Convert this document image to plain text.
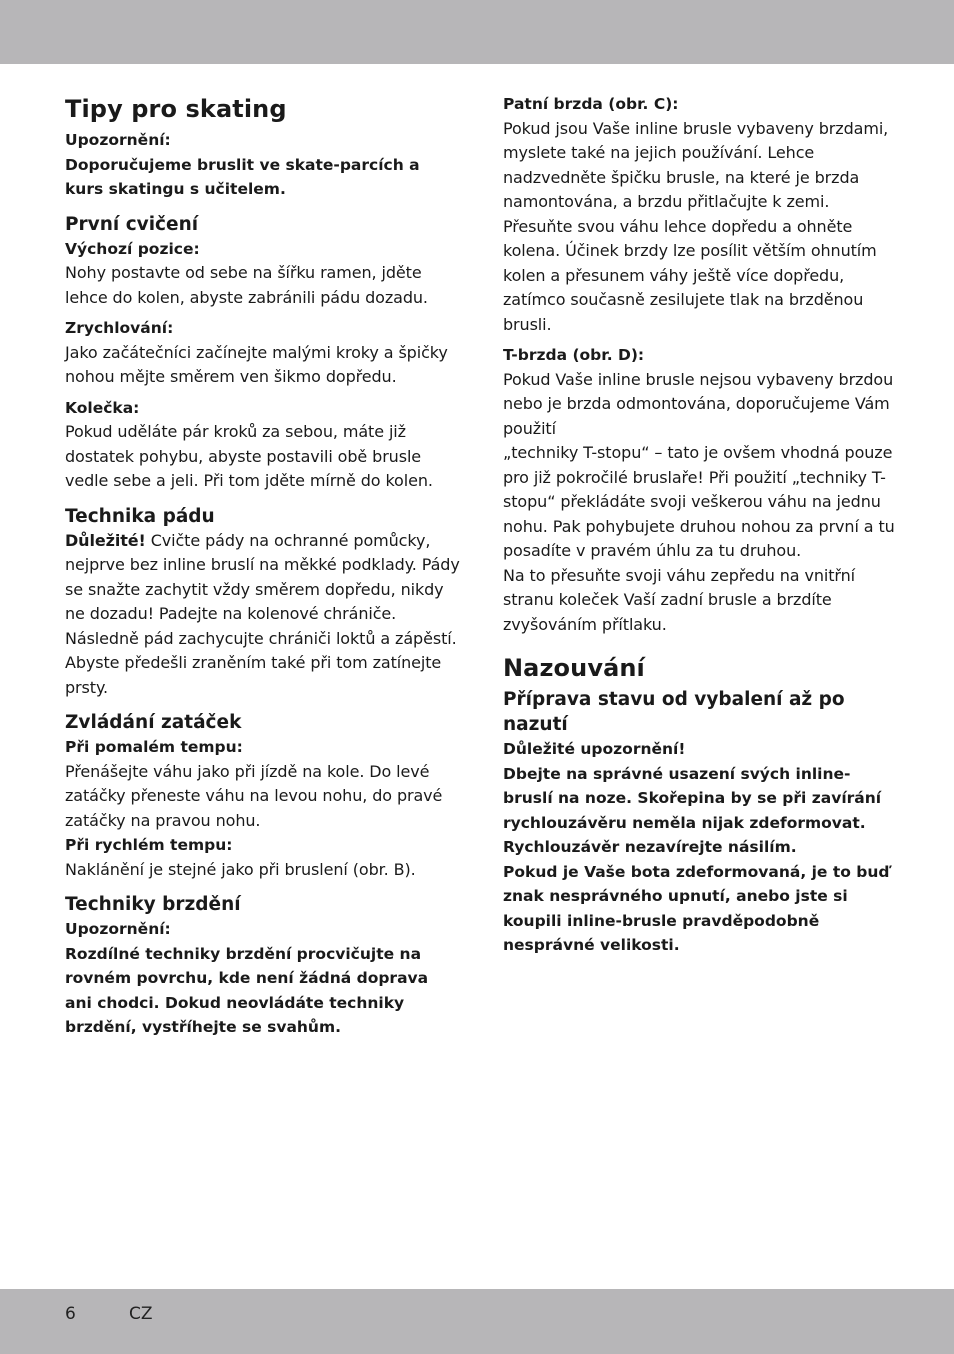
Tipy pro skating

Upozornění:

Doporučujeme bruslit ve skate-parcích a kurs skatingu s učitelem.

První cvičení

Výchozí pozice:

Nohy postavte od sebe na šířku ramen, jděte lehce do kolen, abyste zabránili pádu dozadu.

Zrychlování:

Jako začátečníci začínejte malými kroky a špičky nohou mějte směrem ven šikmo dopředu.

Kolečka:

Pokud uděláte pár kroků za sebou, máte již dostatek pohybu, abyste postavili obě brusle vedle sebe a jeli. Při tom jděte mírně do kolen.

Technika pádu

Důležité! Cvičte pády na ochranné pomůcky, nejprve bez inline bruslí na měkké podklady. Pády se snažte zachytit vždy směrem dopředu, nikdy ne dozadu! Padejte na kolenové chrániče. Následně pád zachycujte chrániči loktů a zápěstí. Abyste předešli zraněním také při tom zatínejte prsty.

Zvládání zatáček

Při pomalém tempu:

Přenášejte váhu jako při jízdě na kole. Do levé zatáčky přeneste váhu na levou nohu, do pravé zatáčky na pravou nohu.

Při rychlém tempu:

Naklánění je stejné jako při bruslení (obr. B).

Techniky brzdění

Upozornění:

Rozdílné techniky brzdění procvičujte na rovném povrchu, kde není žádná doprava ani chodci. Dokud neovládáte techniky brzdění, vystříhejte se svahům.

Patní brzda (obr. C):

Pokud jsou Vaše inline brusle vybaveny brzdami, myslete také na jejich používání. Lehce nadzvedněte špičku brusle, na které je brzda namontována, a brzdu přitlačujte k zemi. Přesuňte svou váhu lehce dopředu a ohněte kolena. Účinek brzdy lze posílit větším ohnutím kolen a přesunem váhy ještě více dopředu, zatímco současně zesilujete tlak na brzděnou brusli.

T-brzda (obr. D):

Pokud Vaše inline brusle nejsou vybaveny brzdou nebo je brzda odmontována, doporučujeme Vám použití

„techniky T-stopu“ – tato je ovšem vhodná pouze pro již pokročilé bruslaře! Při použití „techniky T-stopu“ překládáte svoji veškerou váhu na jednu nohu. Pak pohybujete druhou nohou za první a tu posadíte v pravém úhlu za tu druhou.

Na to přesuňte svoji váhu zepředu na vnitřní stranu koleček Vaší zadní brusle a brzdíte zvyšováním přítlaku.

Nazouvání

Příprava stavu od vybalení až po nazutí

Důležité upozornění!

Dbejte na správné usazení svých inline-bruslí na noze. Skořepina by se při zavírání rychlouzávěru neměla nijak zdeformovat. Rychlouzávěr nezavírejte násilím.

Pokud je Vaše bota zdeformovaná, je to buď znak nesprávného upnutí, anebo jste si koupili inline-brusle pravděpodobně nesprávné velikosti.

6	CZ
